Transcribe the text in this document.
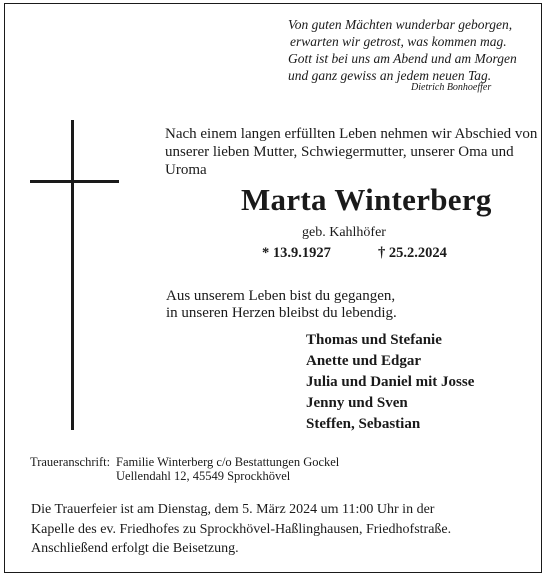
Von guten Mächten wunderbar geborgen,
erwarten wir getrost, was kommen mag.
Gott ist bei uns am Abend und am Morgen
und ganz gewiss an jedem neuen Tag.
Dietrich Bonhoeffer
Nach einem langen erfüllten Leben nehmen wir Abschied von
unserer lieben Mutter, Schwiegermutter, unserer Oma und
Uroma
Marta Winterberg
geb. Kahlhöfer
* 13.9.1927	† 25.2.2024
Aus unserem Leben bist du gegangen,
in unseren Herzen bleibst du lebendig.
Thomas und Stefanie
Anette und Edgar
Julia und Daniel mit Josse
Jenny und Sven
Steffen, Sebastian
Traueranschrift: Familie Winterberg c/o Bestattungen Gockel
Uellendahl 12, 45549 Sprockhövel
Die Trauerfeier ist am Dienstag, dem 5. März 2024 um 11:00 Uhr in der
Kapelle des ev. Friedhofes zu Sprockhövel-Haßlinghausen, Friedhofstraße.
Anschließend erfolgt die Beisetzung.
